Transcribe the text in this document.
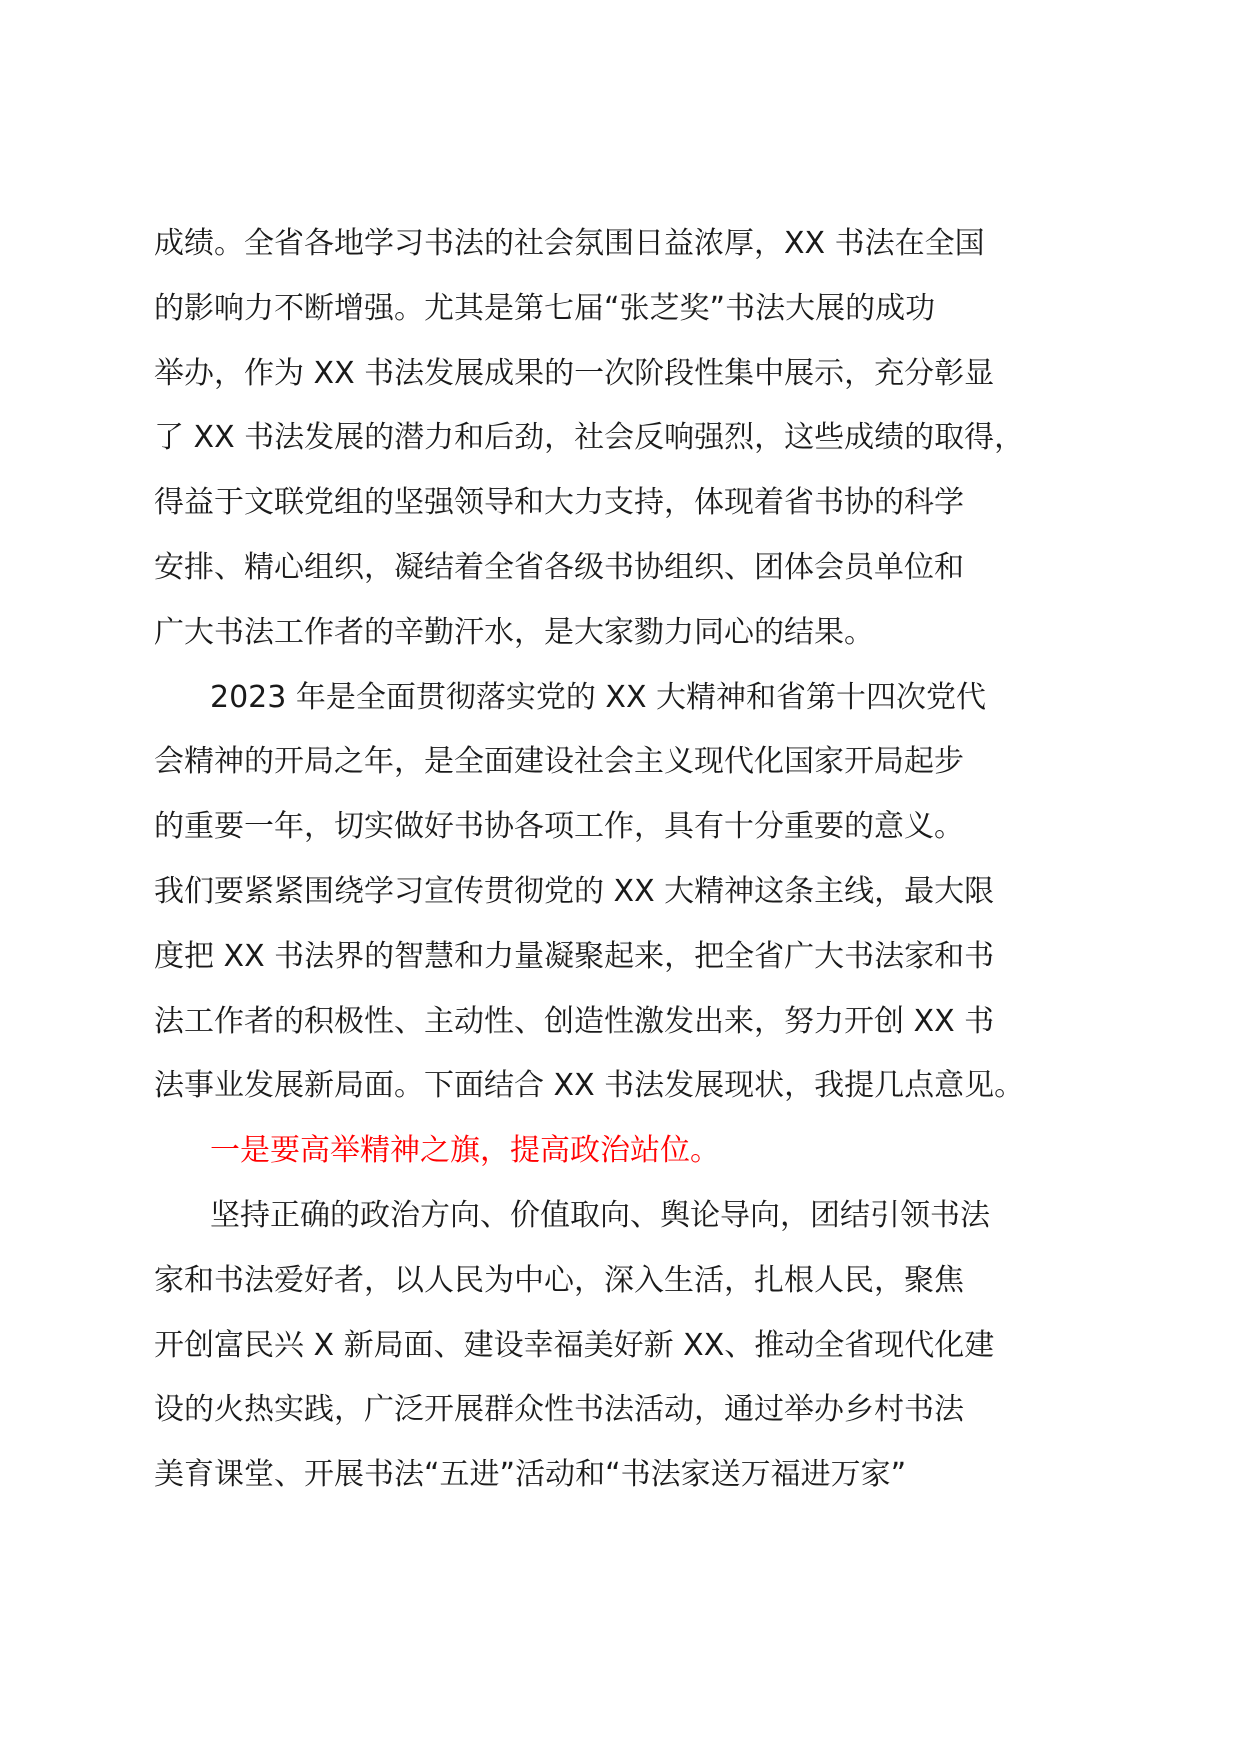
成绩。全省各地学习书法的社会氛围日益浓厚，XX 书法在全国
的影响力不断增强。尤其是第七届“张芝奖”书法大展的成功
举办，作为 XX 书法发展成果的一次阶段性集中展示，充分彰显
了 XX 书法发展的潜力和后劲，社会反响强烈，这些成绩的取得，
得益于文联党组的坚强领导和大力支持，体现着省书协的科学
安排、精心组织，凝结着全省各级书协组织、团体会员单位和
广大书法工作者的辛勤汗水，是大家勠力同心的结果。
2023 年是全面贯彻落实党的 XX 大精神和省第十四次党代
会精神的开局之年，是全面建设社会主义现代化国家开局起步
的重要一年，切实做好书协各项工作，具有十分重要的意义。
我们要紧紧围绕学习宣传贯彻党的 XX 大精神这条主线，最大限
度把 XX 书法界的智慧和力量凝聚起来，把全省广大书法家和书
法工作者的积极性、主动性、创造性激发出来，努力开创 XX 书
法事业发展新局面。下面结合 XX 书法发展现状，我提几点意见。
一是要高举精神之旗，提高政治站位。
坚持正确的政治方向、价值取向、舆论导向，团结引领书法
家和书法爱好者，以人民为中心，深入生活，扎根人民，聚焦
开创富民兴 X 新局面、建设幸福美好新 XX、推动全省现代化建
设的火热实践，广泛开展群众性书法活动，通过举办乡村书法
美育课堂、开展书法“五进”活动和“书法家送万福进万家”
